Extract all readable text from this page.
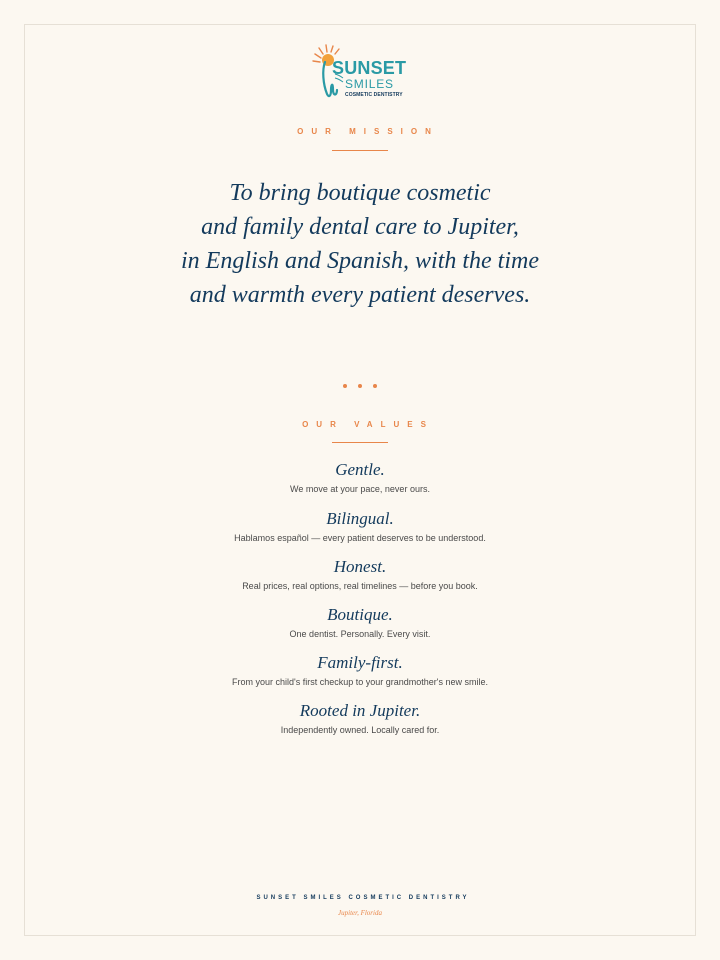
SUNSET
SMILES
COSMETIC DENTISTRY
OUR MISSION
To bring boutique cosmetic
and family dental care to Jupiter,
in English and Spanish, with the time
and warmth every patient deserves.
OUR VALUES
Gentle.
We move at your pace, never ours.
Bilingual.
Hablamos español — every patient deserves to be understood.
Honest.
Real prices, real options, real timelines — before you book.
Boutique.
One dentist. Personally. Every visit.
Family-first.
From your child's first checkup to your grandmother's new smile.
Rooted in Jupiter.
Independently owned. Locally cared for.
SUNSET SMILES COSMETIC DENTISTRY
Jupiter, Florida
